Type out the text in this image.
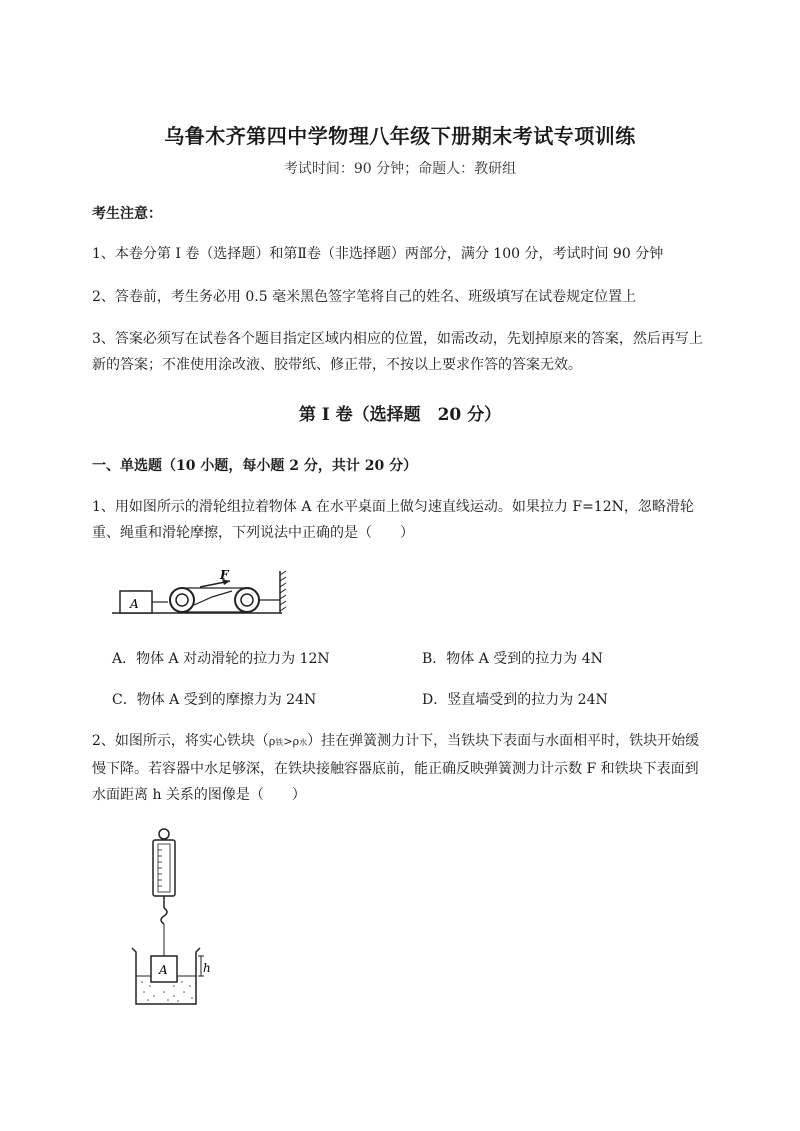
乌鲁木齐第四中学物理八年级下册期末考试专项训练
考试时间：90 分钟；命题人：教研组
考生注意：
1、本卷分第 I 卷（选择题）和第Ⅱ卷（非选择题）两部分，满分 100 分，考试时间 90 分钟
2、答卷前，考生务必用 0.5 毫米黑色签字笔将自己的姓名、班级填写在试卷规定位置上
3、答案必须写在试卷各个题目指定区域内相应的位置，如需改动，先划掉原来的答案，然后再写上新的答案；不准使用涂改液、胶带纸、修正带，不按以上要求作答的答案无效。
第 I 卷（选择题　20 分）
一、单选题（10 小题，每小题 2 分，共计 20 分）
1、用如图所示的滑轮组拉着物体 A 在水平桌面上做匀速直线运动。如果拉力 F=12N，忽略滑轮重、绳重和滑轮摩擦，下列说法中正确的是（　　）
A
F
A．物体 A 对动滑轮的拉力为 12N	B．物体 A 受到的拉力为 4N
C．物体 A 受到的摩擦力为 24N	D．竖直墙受到的拉力为 24N
2、如图所示，将实心铁块（ρ铁>ρ水）挂在弹簧测力计下，当铁块下表面与水面相平时，铁块开始缓慢下降。若容器中水足够深，在铁块接触容器底前，能正确反映弹簧测力计示数 F 和铁块下表面到水面距离 h 关系的图像是（　　）
A	h
